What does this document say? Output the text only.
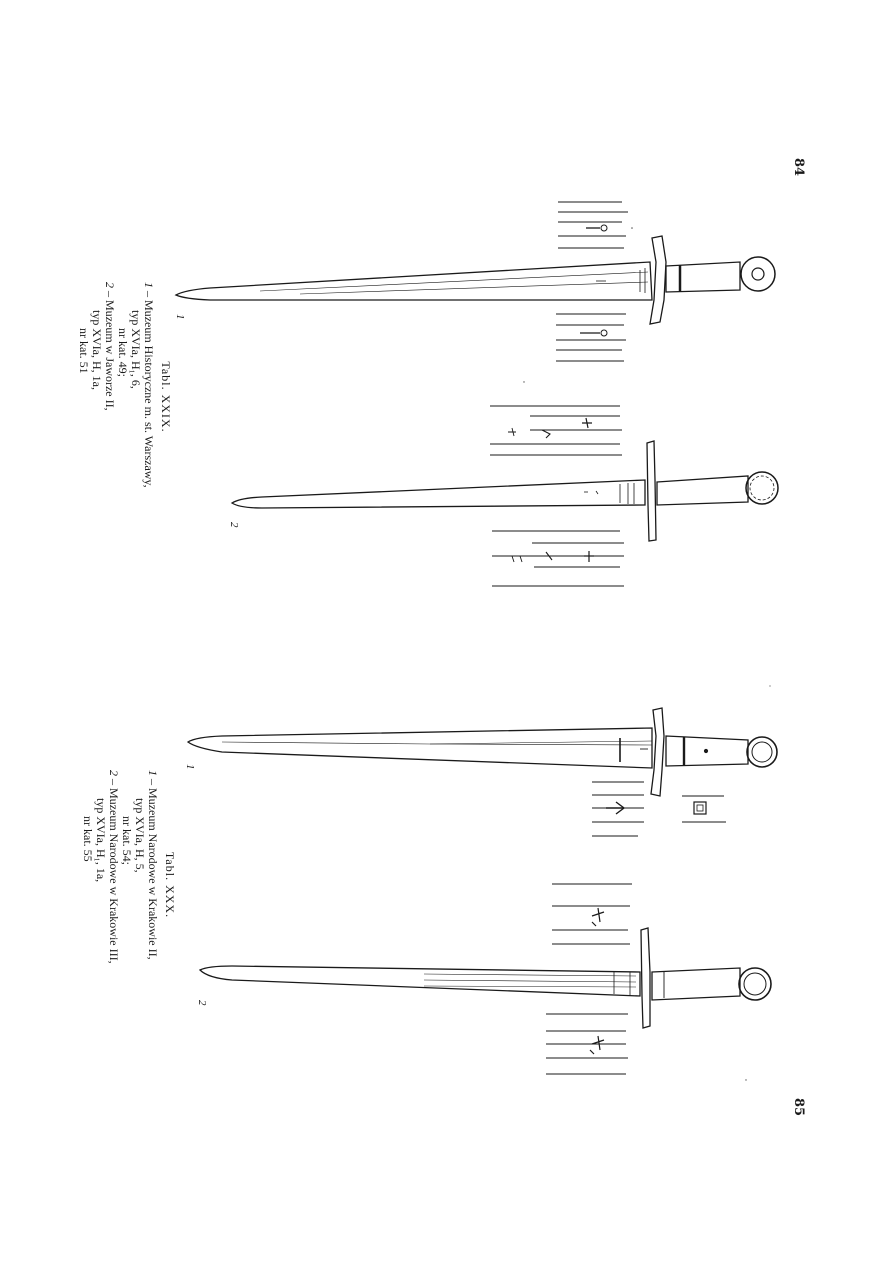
84
85
1
2
1
2
Tabl. XXIX.
1 – Muzeum Historyczne m. st. Warszawy,
typ XVIa, H₁, 6,
nr kat. 49;
2 – Muzeum w Jaworze II,
typ XVIa, H, 1a,
nr kat. 51
Tabl. XXX.
1 – Muzeum Narodowe w Krakowie II,
typ XVIa, H, 5,
nr kat. 54;
2 – Muzeum Narodowe w Krakowie III,
typ XVIa, H₁, 1a,
nr kat. 55
